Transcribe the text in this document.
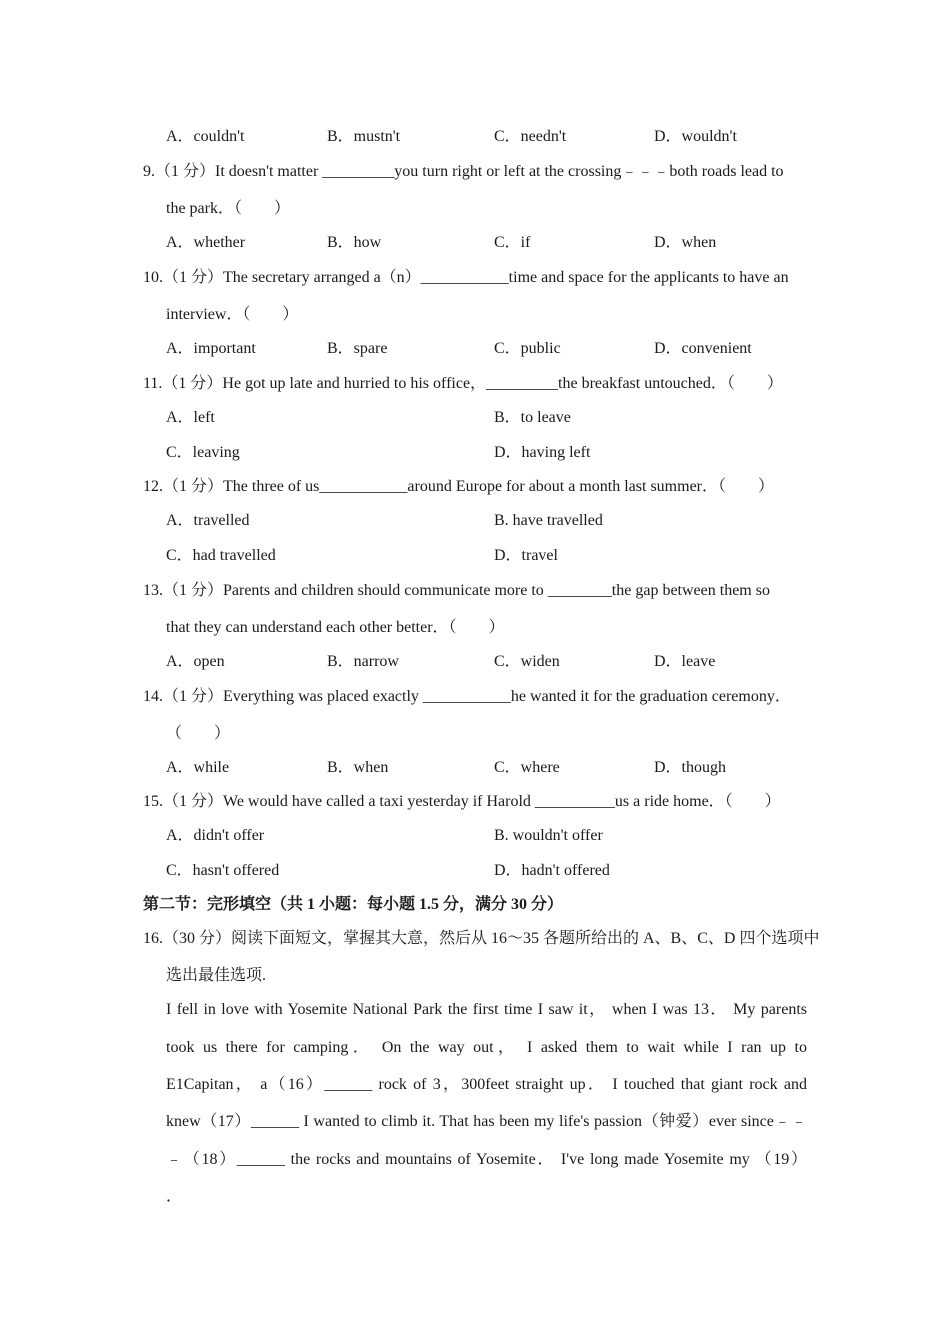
A．couldn't	B．mustn't	C．needn't	D．wouldn't
9.（1 分）It doesn't matter _________you turn right or left at the crossing﹣﹣﹣both roads lead to
the park．（　　）
A．whether	B．how	C．if	D．when
10.（1 分）The secretary arranged a（n）___________time and space for the applicants to have an
interview．（　　）
A．important	B．spare	C．public	D．convenient
11.（1 分）He got up late and hurried to his office，_________the breakfast untouched．（　　）
A．left	B．to leave
C．leaving	D．having left
12.（1 分）The three of us___________around Europe for about a month last summer．（　　）
A．travelled	B. have travelled
C．had travelled	D．travel
13.（1 分）Parents and children should communicate more to ________the gap between them so
that they can understand each other better．（　　）
A．open	B．narrow	C．widen	D．leave
14.（1 分）Everything was placed exactly ___________he wanted it for the graduation ceremony．
（　　）
A．while	B．when	C．where	D．though
15.（1 分）We would have called a taxi yesterday if Harold __________us a ride home．（　　）
A．didn't offer	B. wouldn't offer
C．hasn't offered	D．hadn't offered
第二节：完形填空（共 1 小题：每小题 1.5 分，满分 30 分）
16.（30 分）阅读下面短文，掌握其大意，然后从 16～35 各题所给出的 A、B、C、D 四个选项中
选出最佳选项.
I fell in love with Yosemite National Park the first time I saw it， when I was 13． My parents
took us there for camping． On the way out， I asked them to wait while I ran up to
E1Capitan， a（16）______ rock of 3，300feet straight up． I touched that giant rock and
knew（17）______ I wanted to climb it. That has been my life's passion（钟爱）ever since﹣﹣
﹣（18）______ the rocks and mountains of Yosemite． I've long made Yosemite my （19）
．
